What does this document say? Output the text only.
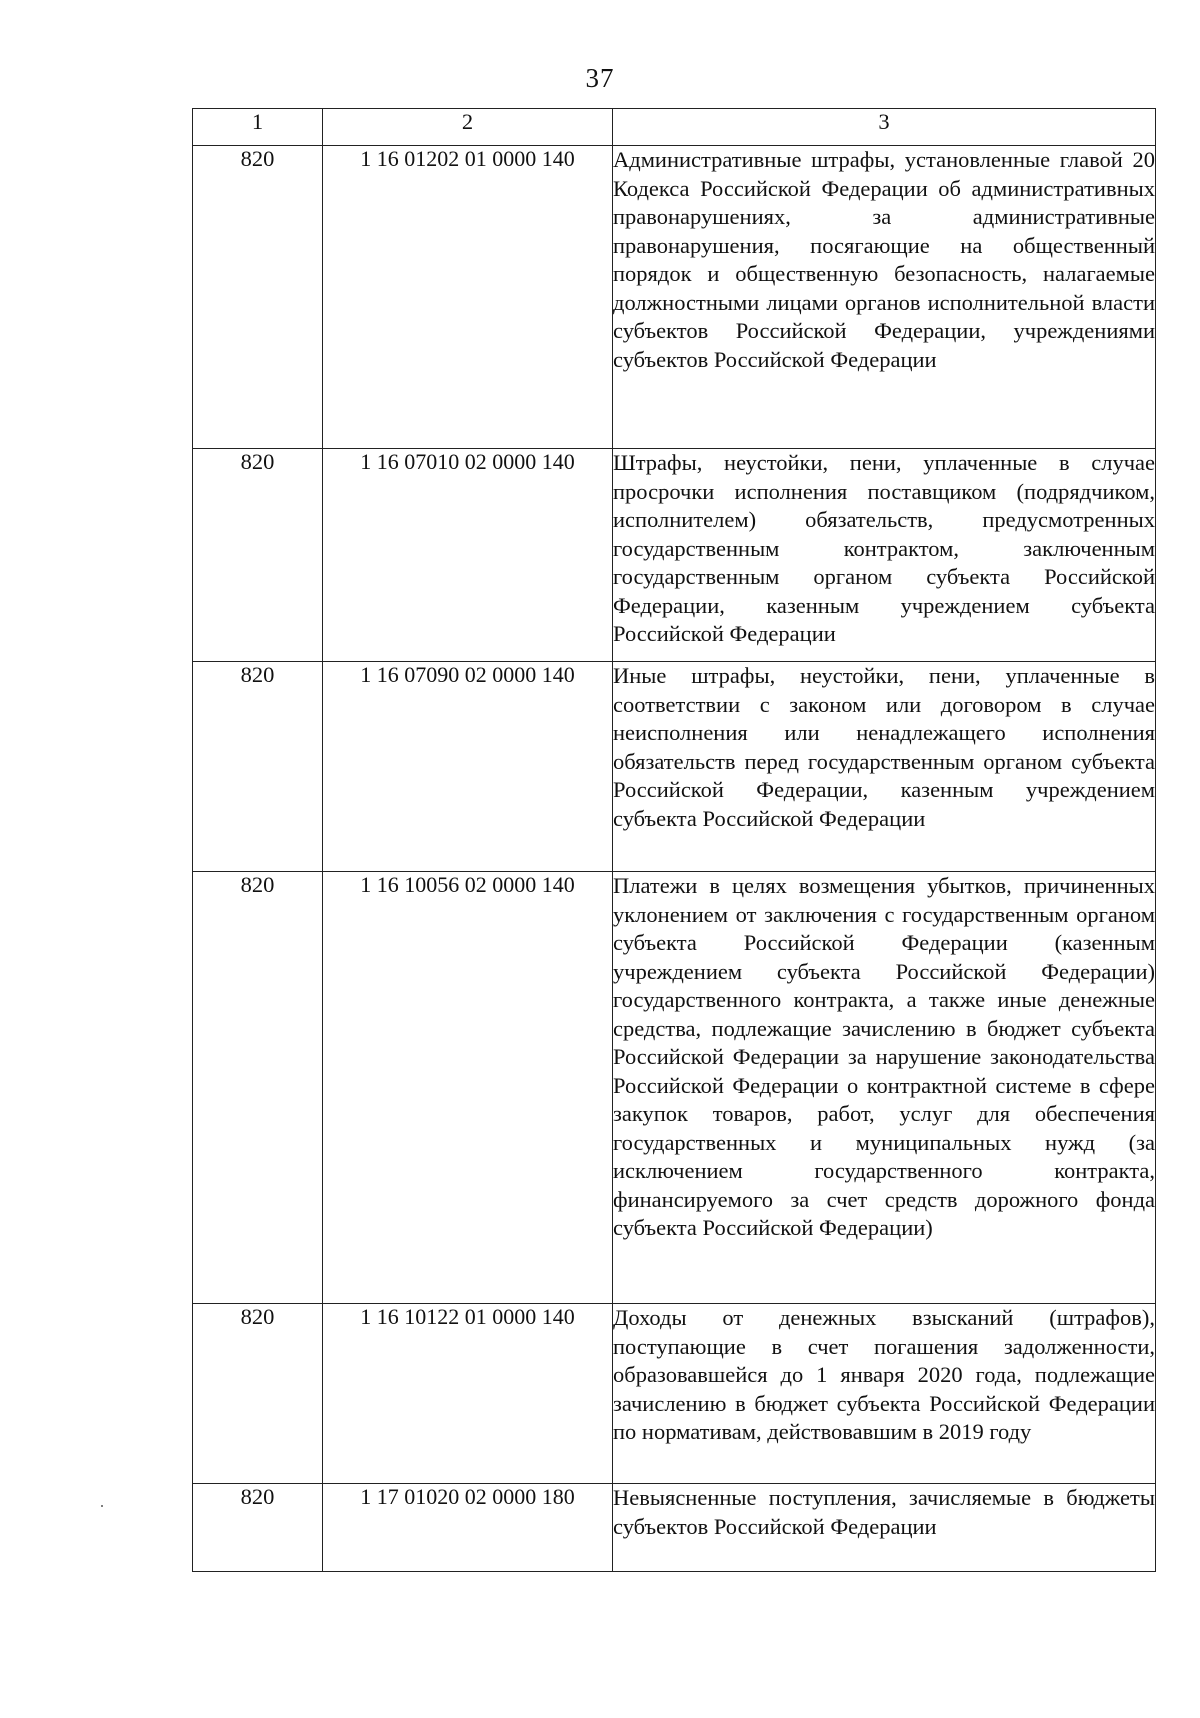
37
1	2	3
820	1 16 01202 01 0000 140	Административные штрафы, установленные главой 20 Кодекса Российской Федерации об административных правонарушениях, за административные правонарушения, посягающие на общественный порядок и общественную безопасность, налагаемые должностными лицами органов исполнительной власти субъектов Российской Федерации, учреждениями субъектов Российской Федерации
820	1 16 07010 02 0000 140	Штрафы, неустойки, пени, уплаченные в случае просрочки исполнения поставщиком (подрядчиком, исполнителем) обязательств, предусмотренных государственным контрактом, заключенным государственным органом субъекта Российской Федерации, казенным учреждением субъекта Российской Федерации
820	1 16 07090 02 0000 140	Иные штрафы, неустойки, пени, уплаченные в соответствии с законом или договором в случае неисполнения или ненадлежащего исполнения обязательств перед государственным органом субъекта Российской Федерации, казенным учреждением субъекта Российской Федерации
820	1 16 10056 02 0000 140	Платежи в целях возмещения убытков, причиненных уклонением от заключения с государственным органом субъекта Российской Федерации (казенным учреждением субъекта Российской Федерации) государственного контракта, а также иные денежные средства, подлежащие зачислению в бюджет субъекта Российской Федерации за нарушение законодательства Российской Федерации о контрактной системе в сфере закупок товаров, работ, услуг для обеспечения государственных и муниципальных нужд (за исключением государственного контракта, финансируемого за счет средств дорожного фонда субъекта Российской Федерации)
820	1 16 10122 01 0000 140	Доходы от денежных взысканий (штрафов), поступающие в счет погашения задолженности, образовавшейся до 1 января 2020 года, подлежащие зачислению в бюджет субъекта Российской Федерации по нормативам, действовавшим в 2019 году
820	1 17 01020 02 0000 180	Невыясненные поступления, зачисляемые в бюджеты субъектов Российской Федерации
